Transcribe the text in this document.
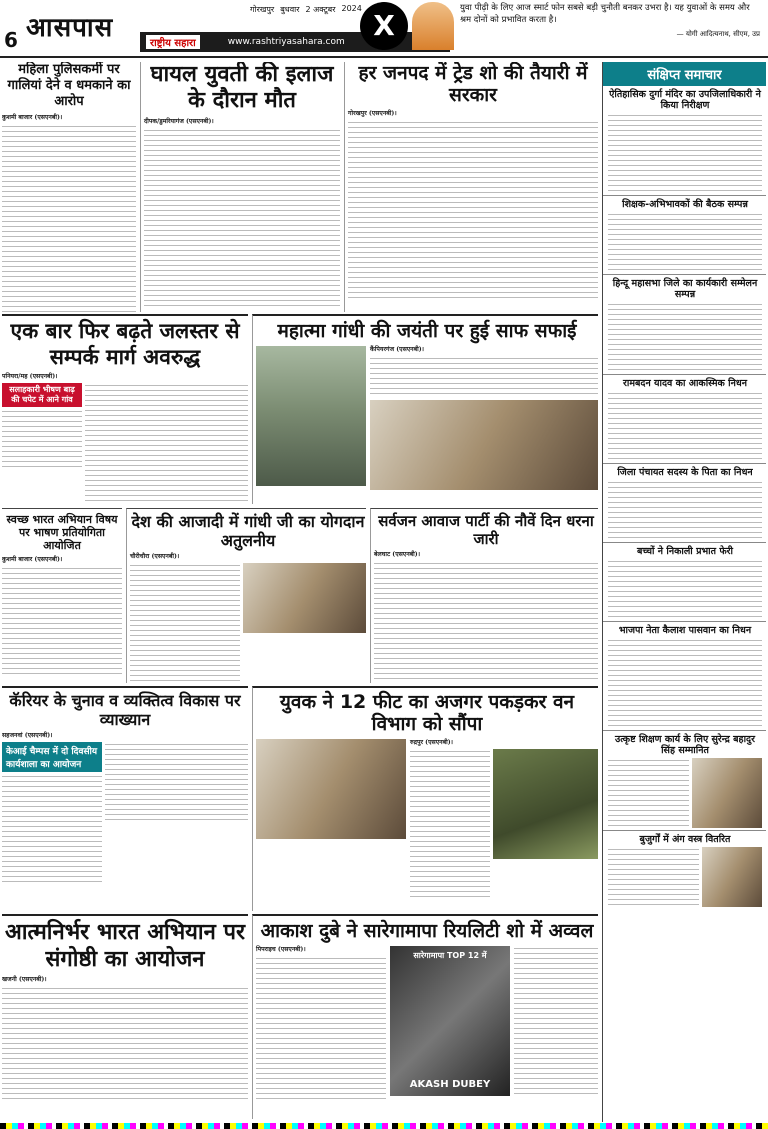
6 आसपास
गोरखपुर बुधवार 2 अक्टूबर 2024
राष्ट्रीय सहारा	www.rashtriyasahara.com	X
युवा पीढ़ी के लिए आज स्मार्ट फोन सबसे बड़ी चुनौती बनकर उभरा है। यह युवाओं के समय और श्रम दोनों को प्रभावित करता है।
— योगी आदित्यनाथ, सीएम, उप्र
महिला पुलिसकर्मी पर गालियां देने व धमकाने का आरोप
कुशमी बाजार (एसएनबी)।
घायल युवती की इलाज के दौरान मौत
दीपक/डुमरियागंज (एसएनबी)।
हर जनपद में ट्रेड शो की तैयारी में सरकार
गोरखपुर (एसएनबी)।
एक बार फिर बढ़ते जलस्तर से सम्पर्क मार्ग अवरुद्ध
पनियरा/मह (एसएनबी)।
सलाहकारी भीषण बाढ़ की चपेट में आने गांव
महात्मा गांधी की जयंती पर हुई साफ सफाई
कैंपियरगंज (एसएनबी)।
स्वच्छ भारत अभियान विषय पर भाषण प्रतियोगिता आयोजित
कुशमी बाजार (एसएनबी)।
देश की आजादी में गांधी जी का योगदान अतुलनीय
चौरीचौरा (एसएनबी)।
सर्वजन आवाज पार्टी की नौवें दिन धरना जारी
बेलघाट (एसएनबी)।
कॅरियर के चुनाव व व्यक्तित्व विकास पर व्याख्यान
सहजनवां (एसएनबी)।
केआई चैम्पस में दो दिवसीय कार्यशाला का आयोजन
युवक ने 12 फीट का अजगर पकड़कर वन विभाग को सौंपा
रुद्रपुर (एसएनबी)।
आत्मनिर्भर भारत अभियान पर संगोष्ठी का आयोजन
खजनी (एसएनबी)।
आकाश दुबे ने सारेगामापा रियलिटी शो में अव्वल
पिपराइच (एसएनबी)।
सारेगामापा TOP 12 में
AKASH DUBEY
संक्षिप्त समाचार
ऐतिहासिक दुर्गा मंदिर का उपजिलाधिकारी ने किया निरीक्षण
शिक्षक-अभिभावकों की बैठक सम्पन्न
हिन्दू महासभा जिले का कार्यकारी सम्मेलन सम्पन्न
रामबदन यादव का आकस्मिक निधन
जिला पंचायत सदस्य के पिता का निधन
बच्चों ने निकाली प्रभात फेरी
भाजपा नेता कैलाश पासवान का निधन
उत्कृष्ट शिक्षण कार्य के लिए सुरेन्द्र बहादुर सिंह सम्मानित
बुजुर्गों में अंग वस्त्र वितरित
